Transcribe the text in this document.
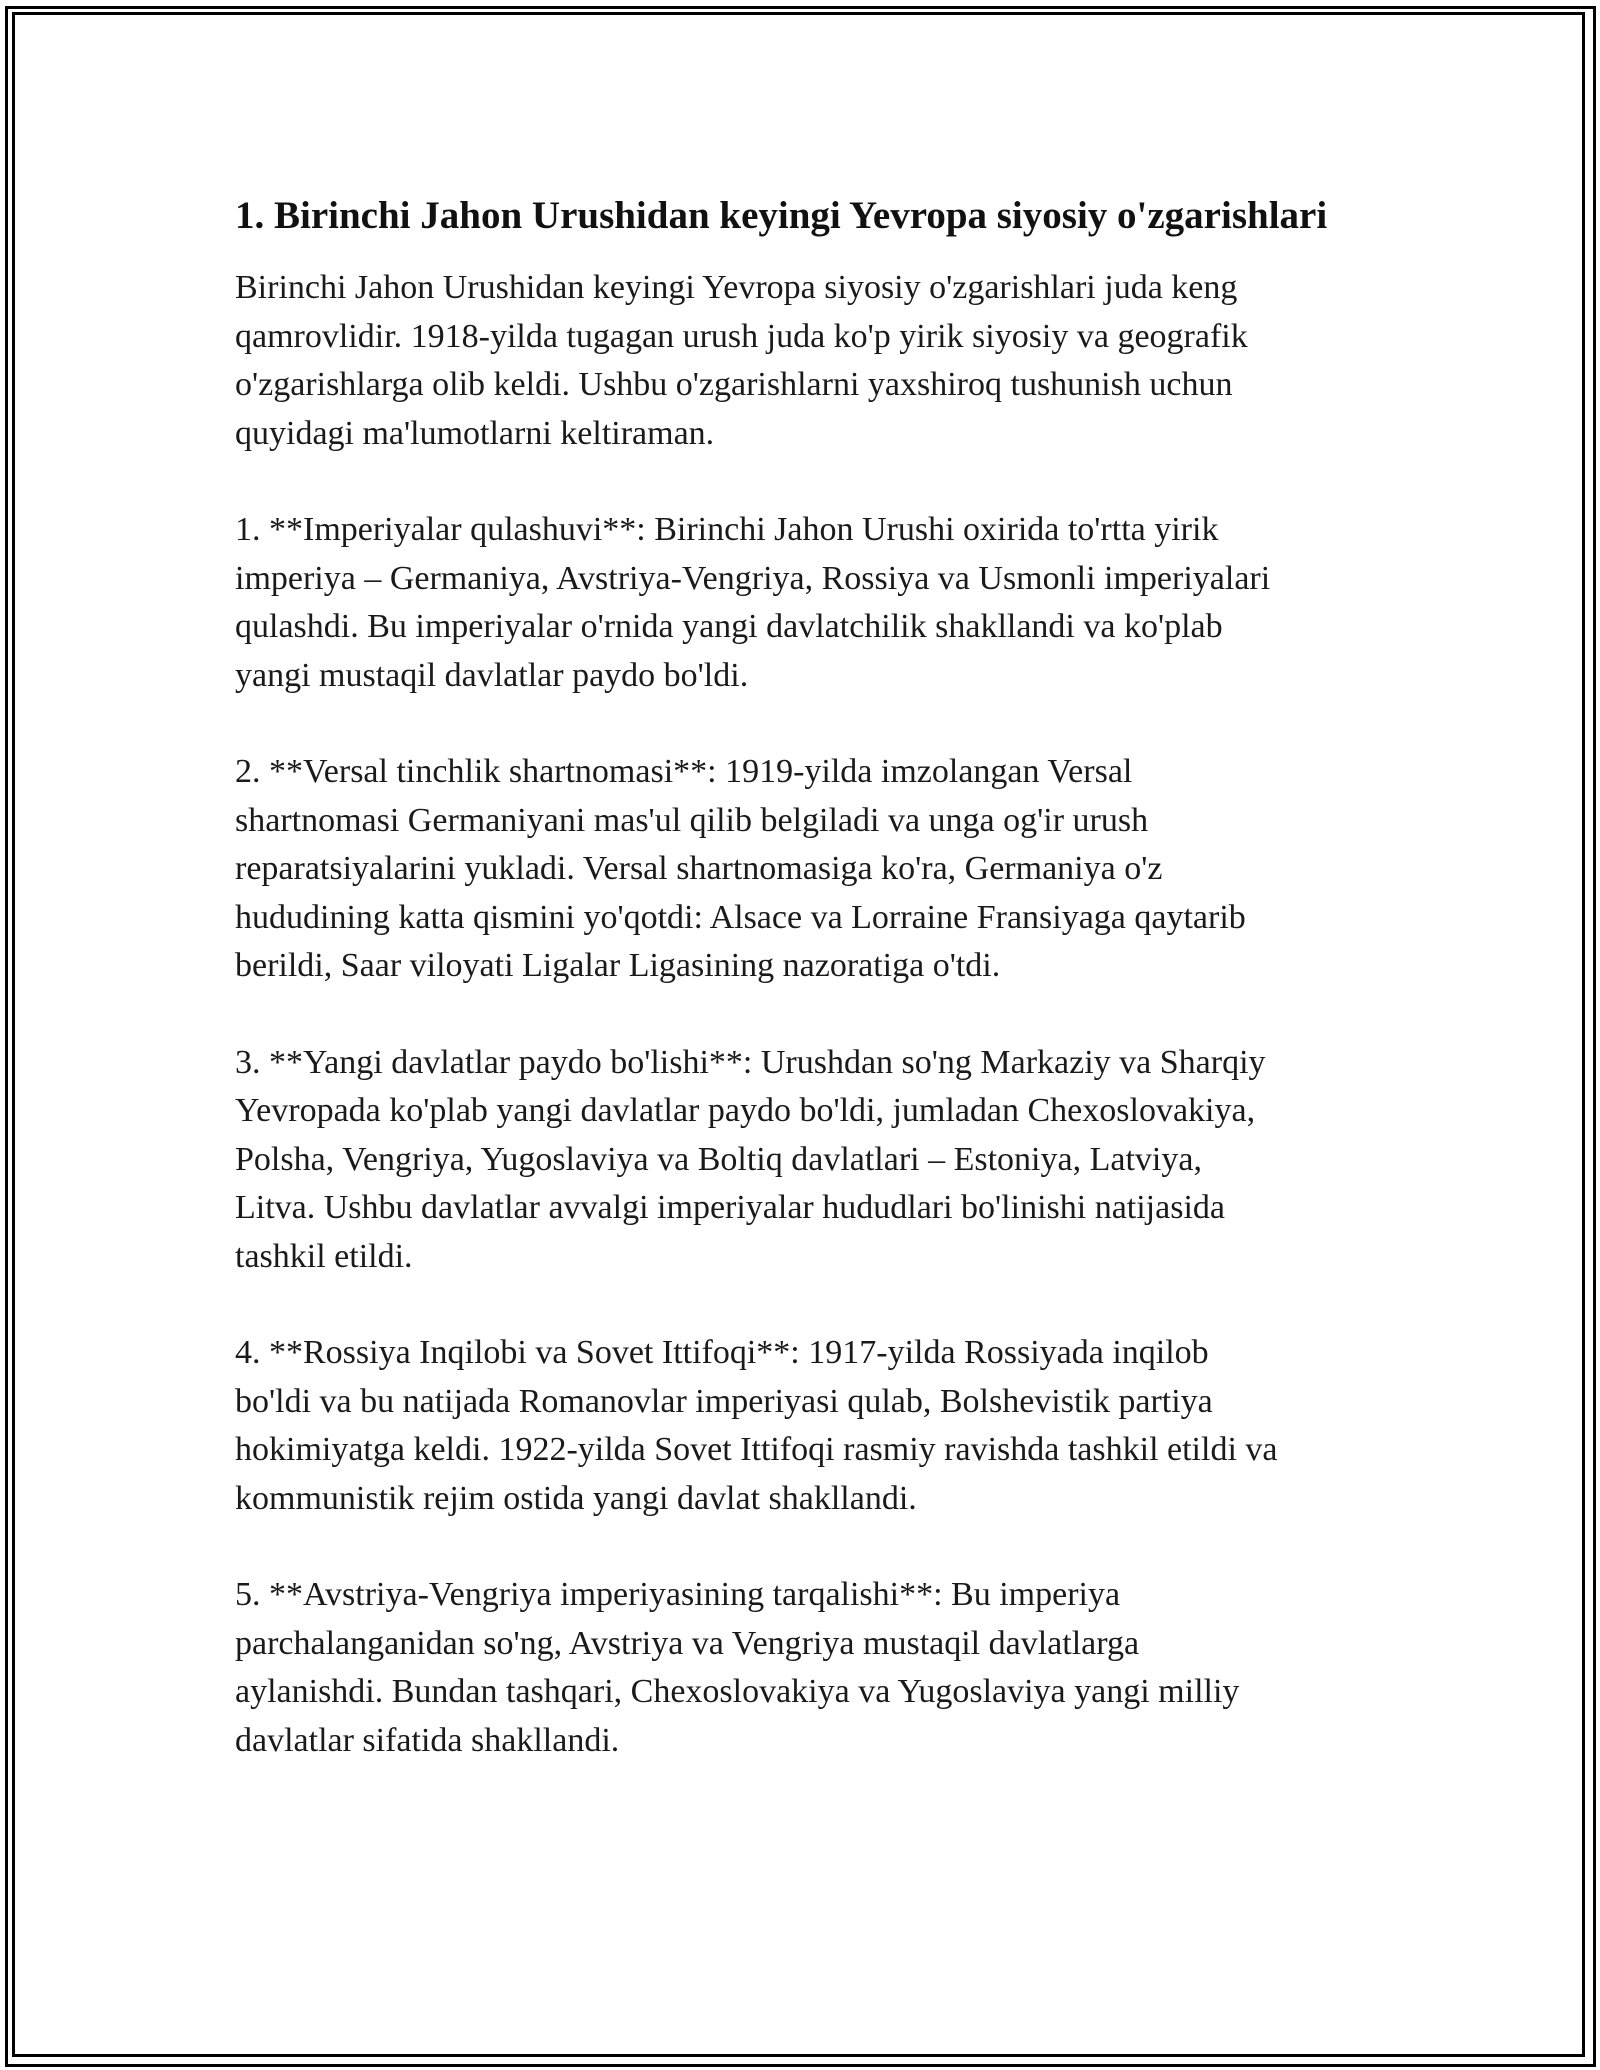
1. Birinchi Jahon Urushidan keyingi Yevropa siyosiy o'zgarishlari

Birinchi Jahon Urushidan keyingi Yevropa siyosiy o'zgarishlari juda keng
qamrovlidir. 1918-yilda tugagan urush juda ko'p yirik siyosiy va geografik
o'zgarishlarga olib keldi. Ushbu o'zgarishlarni yaxshiroq tushunish uchun
quyidagi ma'lumotlarni keltiraman.

1. **Imperiyalar qulashuvi**: Birinchi Jahon Urushi oxirida to'rtta yirik
imperiya – Germaniya, Avstriya-Vengriya, Rossiya va Usmonli imperiyalari
qulashdi. Bu imperiyalar o'rnida yangi davlatchilik shakllandi va ko'plab
yangi mustaqil davlatlar paydo bo'ldi.

2. **Versal tinchlik shartnomasi**: 1919-yilda imzolangan Versal
shartnomasi Germaniyani mas'ul qilib belgiladi va unga og'ir urush
reparatsiyalarini yukladi. Versal shartnomasiga ko'ra, Germaniya o'z
hududining katta qismini yo'qotdi: Alsace va Lorraine Fransiyaga qaytarib
berildi, Saar viloyati Ligalar Ligasining nazoratiga o'tdi.

3. **Yangi davlatlar paydo bo'lishi**: Urushdan so'ng Markaziy va Sharqiy
Yevropada ko'plab yangi davlatlar paydo bo'ldi, jumladan Chexoslovakiya,
Polsha, Vengriya, Yugoslaviya va Boltiq davlatlari – Estoniya, Latviya,
Litva. Ushbu davlatlar avvalgi imperiyalar hududlari bo'linishi natijasida
tashkil etildi.

4. **Rossiya Inqilobi va Sovet Ittifoqi**: 1917-yilda Rossiyada inqilob
bo'ldi va bu natijada Romanovlar imperiyasi qulab, Bolshevistik partiya
hokimiyatga keldi. 1922-yilda Sovet Ittifoqi rasmiy ravishda tashkil etildi va
kommunistik rejim ostida yangi davlat shakllandi.

5. **Avstriya-Vengriya imperiyasining tarqalishi**: Bu imperiya
parchalanganidan so'ng, Avstriya va Vengriya mustaqil davlatlarga
aylanishdi. Bundan tashqari, Chexoslovakiya va Yugoslaviya yangi milliy
davlatlar sifatida shakllandi.
